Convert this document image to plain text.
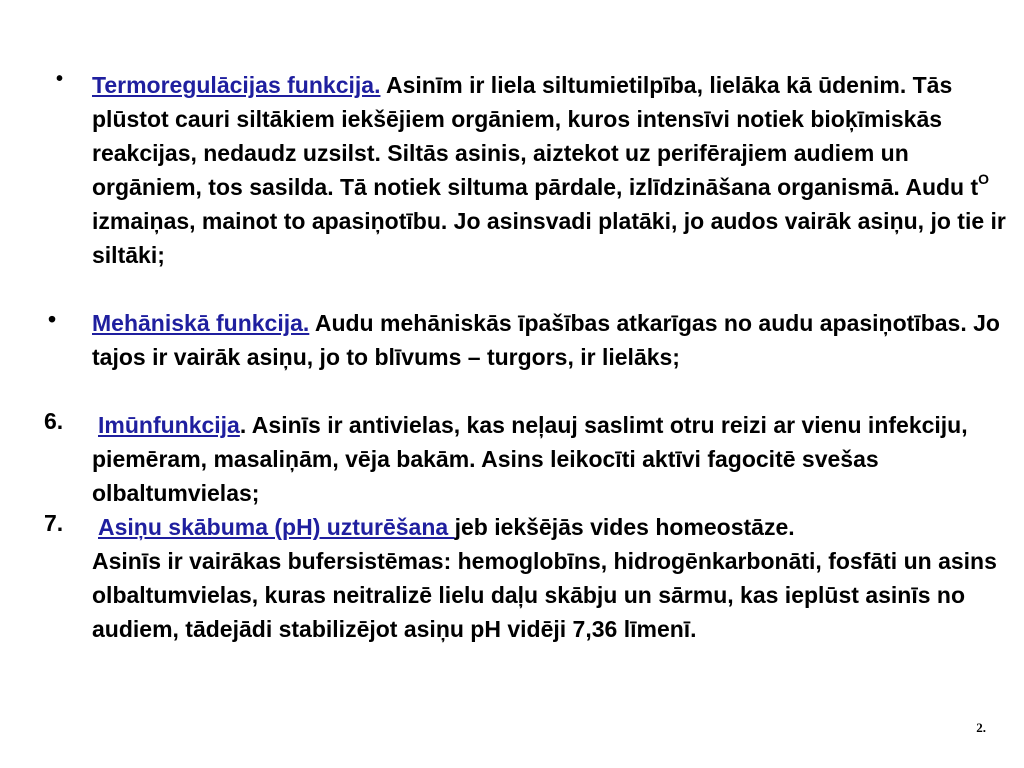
• Termoregulācijas funkcija. Asinīm ir liela siltumietilpība, lielāka kā ūdenim. Tās plūstot cauri siltākiem iekšējiem orgāniem, kuros intensīvi notiek bioķīmiskās reakcijas, nedaudz uzsilst. Siltās asinis, aiztekot uz perifērajiem audiem un orgāniem, tos sasilda. Tā notiek siltuma pārdale, izlīdzināšana organismā. Audu $t^O$ izmaiņas, mainot to apasiņotību. Jo asinsvadi platāki, jo audos vairāk asiņu, jo tie ir siltāki;
• Mehāniskā funkcija. Audu mehāniskās īpašības atkarīgas no audu apasiņotības. Jo tajos ir vairāk asiņu, jo to blīvums – turgors, ir lielāks;
6. Imūnfunkcija. Asinīs ir antivielas, kas neļauj saslimt otru reizi ar vienu infekciju, piemēram, masaliņām, vēja bakām. Asins leikocīti aktīvi fagocitē svešas olbaltumvielas;
7. Asiņu skābuma (pH) uzturēšana jeb iekšējās vides homeostāze.
Asinīs ir vairākas bufersistēmas: hemoglobīns, hidrogēnkarbonāti, fosfāti un asins olbaltumvielas, kuras neitralizē lielu daļu skābju un sārmu, kas ieplūst asinīs no audiem, tādejādi stabilizējot asiņu pH vidēji 7,36 līmenī.
2.
